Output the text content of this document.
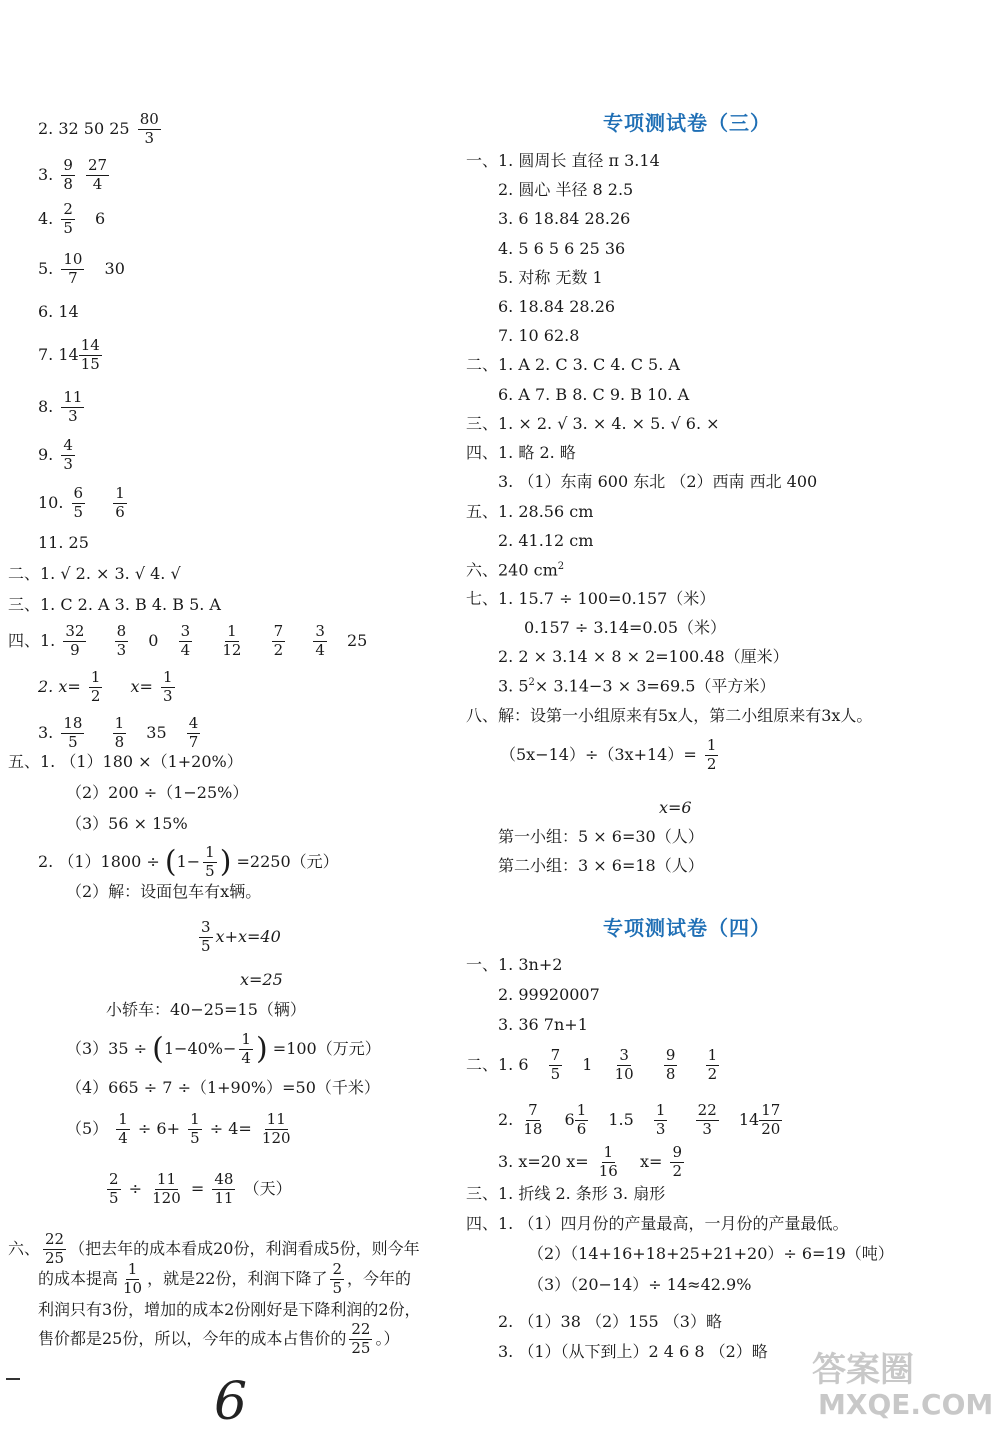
2. 32 50 $25 \frac{80}{3}$
3. $\frac{9}{8}$
$\frac{27}{4}$
4. $\frac{2}{5} 6$
5. $\frac{10}{7} 30$
6. 14
7. $14 \frac{14}{15}$
8. $\frac{11}{3}$
9. $\frac{4}{3}$
10. $\frac{6}{5}$
$\frac{1}{6}$
11. 25
二、1. √ 2. × 3. √ 4. √
三、1. C 2. A 3. B 4. B 5. A
四、1. $\frac{32}{9}$
$\frac{8}{3} 0 \frac{3}{4}$
$\frac{1}{12}$
$\frac{7}{2}$
$\frac{3}{4} 25$
2. $x= \frac{1}{2} x= \frac{1}{3}$
3. $\frac{18}{5}$
$\frac{1}{8} 35 \frac{4}{7}$
五、1. （1）180 ×（1+20%）
（2）200 ÷（1−25%）
（3）56 × 15%
2. $(1)1800 \div (1- \frac{1}{5}$ ) =2250（元）
（2）解：设面包车有x辆。
$\frac{3}{5} x+x=40$
x=25
小轿车：40−25=15（辆）
$(3)35 \div (1-40\%- \frac{1}{4}$ ) =100（万元）
（4）665 ÷ 7 ÷（1+90%）=50（千米）
$(5) \frac{1}{4} \div 6+ \frac{1}{5} \div 4= \frac{11}{120}$
$\frac{2}{5} \div \frac{11}{120} = \frac{48}{11}$ （天）
六、 $\frac{22}{25}$ （把去年的成本看成20份，利润看成5份，则今年
的成本提高 $\frac{1}{10}$ ，就是22份，利润下降了 $\frac{2}{5}$ ，今年的
利润只有3份，增加的成本2份刚好是下降利润的2份，
售价都是25份，所以，今年的成本占售价的 $\frac{22}{25}$ 。）
专项测试卷（三）
一、1. 圆周长 直径 π 3.14
2. 圆心 半径 8 2.5
3. 6 18.84 28.26
4. 5 6 5 6 25 36
5. 对称 无数 1
6. 18.84 28.26
7. 10 62.8
二、1. A 2. C 3. C 4. C 5. A
6. A 7. B 8. C 9. B 10. A
三、1. × 2. √ 3. × 4. × 5. √ 6. ×
四、1. 略 2. 略
3. （1）东南 600 东北 （2）西南 西北 400
五、1. 28.56 cm
2. 41.12 cm
六、240 $cm^2$
七、1. 15.7 ÷ 100=0.157（米）
0.157 ÷ 3.14=0.05（米）
2. 2 × 3.14 × 8 × 2=100.48（厘米）
3. $5^2\times 3.14-3 \times 3=69.5$（平方米）
八、解：设第一小组原来有5x人，第二小组原来有3x人。
$(5x-14)\div(3x+14)= \frac{1}{2}$
x=6
第一小组：5 × 6=30（人）
第二小组：3 × 6=18（人）
专项测试卷（四）
一、1. 3n+2
2. 99920007
3. 36 7n+1
二、1. $6 \frac{7}{5} 1 \frac{3}{10}$
$\frac{9}{8}$
$\frac{1}{2}$
2. $\frac{7}{18} 6 \frac{1}{6} 1.5 \frac{1}{3}$
$\frac{22}{3} 14 \frac{17}{20}$
3. x=20 $x= \frac{1}{16} x= \frac{9}{2}$
三、1. 折线 2. 条形 3. 扇形
四、1. （1）四月份的产量最高，一月份的产量最低。
（2）（14+16+18+25+21+20）÷ 6=19（吨）
（3）（20−14）÷ 14≈42.9%
2. （1）38 （2）155 （3）略
3. （1）（从下到上）2 4 6 8 （2）略
6
答案圈
MXQE.COM
